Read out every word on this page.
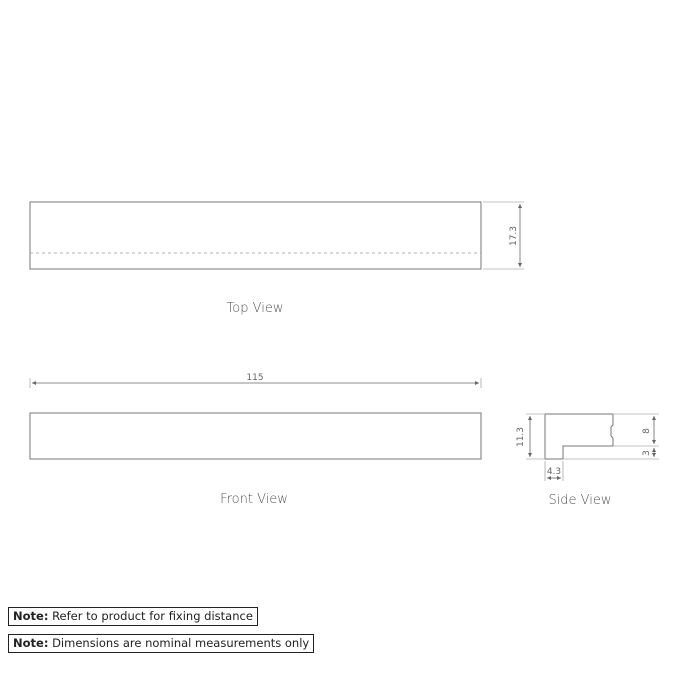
17.3
Top View
115
Front View
11.3	8
3
4.3
Side View
Note: Refer to product for fixing distance
Note: Dimensions are nominal measurements only
